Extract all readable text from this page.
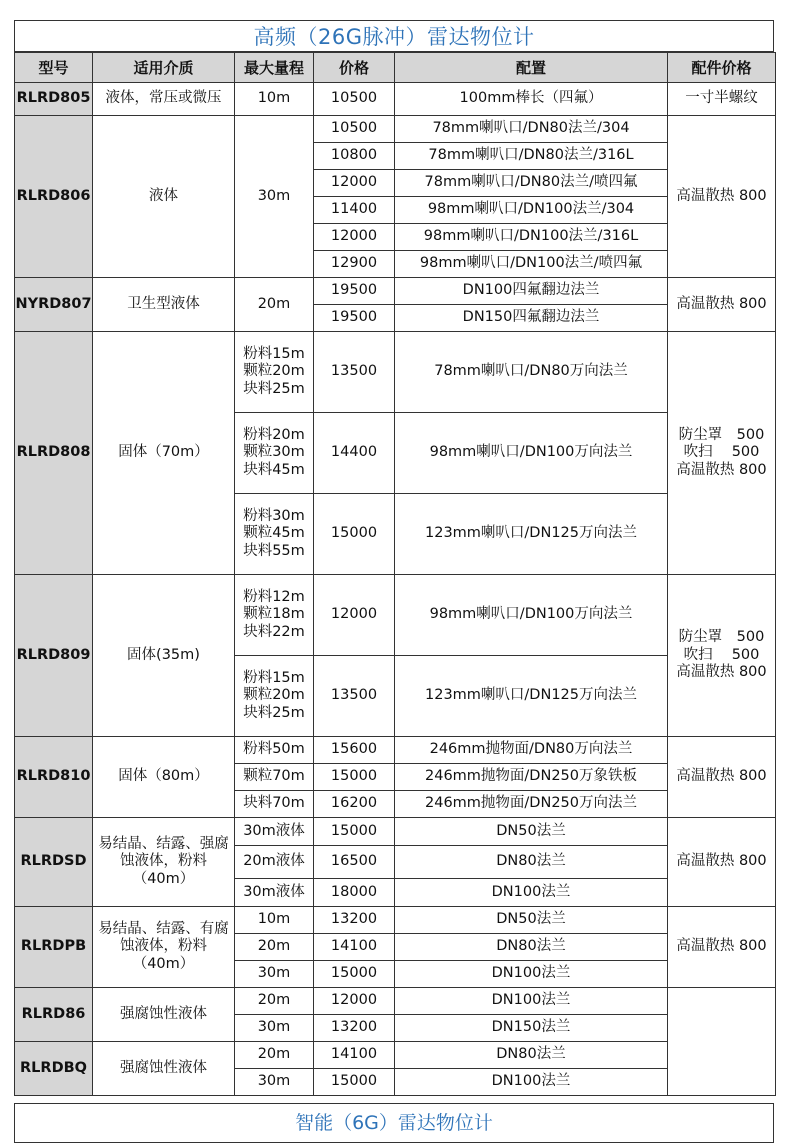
高频（26G脉冲）雷达物位计
型号	适用介质	最大量程	价格	配置	配件价格
RLRD805	液体，常压或微压	10m	10500	100mm棒长（四氟）	一寸半螺纹
RLRD806	液体	30m	10500	78mm喇叭口/DN80法兰/304	高温散热 800
			10800	78mm喇叭口/DN80法兰/316L	
			12000	78mm喇叭口/DN80法兰/喷四氟	
			11400	98mm喇叭口/DN100法兰/304	
			12000	98mm喇叭口/DN100法兰/316L	
			12900	98mm喇叭口/DN100法兰/喷四氟	
NYRD807	卫生型液体	20m	19500	DN100四氟翻边法兰	高温散热 800
			19500	DN150四氟翻边法兰	
RLRD808	固体（70m）	粉料15m
颗粒20m
块料25m	13500	78mm喇叭口/DN80万向法兰	防尘罩　500
吹扫　 500
高温散热 800

		粉料20m
颗粒30m
块料45m	14400	98mm喇叭口/DN100万向法兰	

		粉料30m
颗粒45m
块料55m	15000	123mm喇叭口/DN125万向法兰	
RLRD809	固体(35m)	粉料12m
颗粒18m
块料22m	12000	98mm喇叭口/DN100万向法兰	防尘罩　500
吹扫　 500
高温散热 800

		粉料15m
颗粒20m
块料25m	13500	123mm喇叭口/DN125万向法兰	
RLRD810	固体（80m）	粉料50m	15600	246mm抛物面/DN80万向法兰	高温散热 800
		颗粒70m	15000	246mm抛物面/DN250万象铁板	
		块料70m	16200	246mm抛物面/DN250万向法兰	
RLRDSD	易结晶、结露、强腐蚀液体，粉料（40m）	30m液体	15000	DN50法兰	高温散热 800
		20m液体	16500	DN80法兰	
		30m液体	18000	DN100法兰	
RLRDPB	易结晶、结露、有腐蚀液体，粉料（40m）	10m	13200	DN50法兰	高温散热 800
		20m	14100	DN80法兰	
		30m	15000	DN100法兰	
RLRD86	强腐蚀性液体	20m	12000	DN100法兰	
		30m	13200	DN150法兰	
RLRDBQ	强腐蚀性液体	20m	14100	DN80法兰	
		30m	15000	DN100法兰	
智能（6G）雷达物位计
